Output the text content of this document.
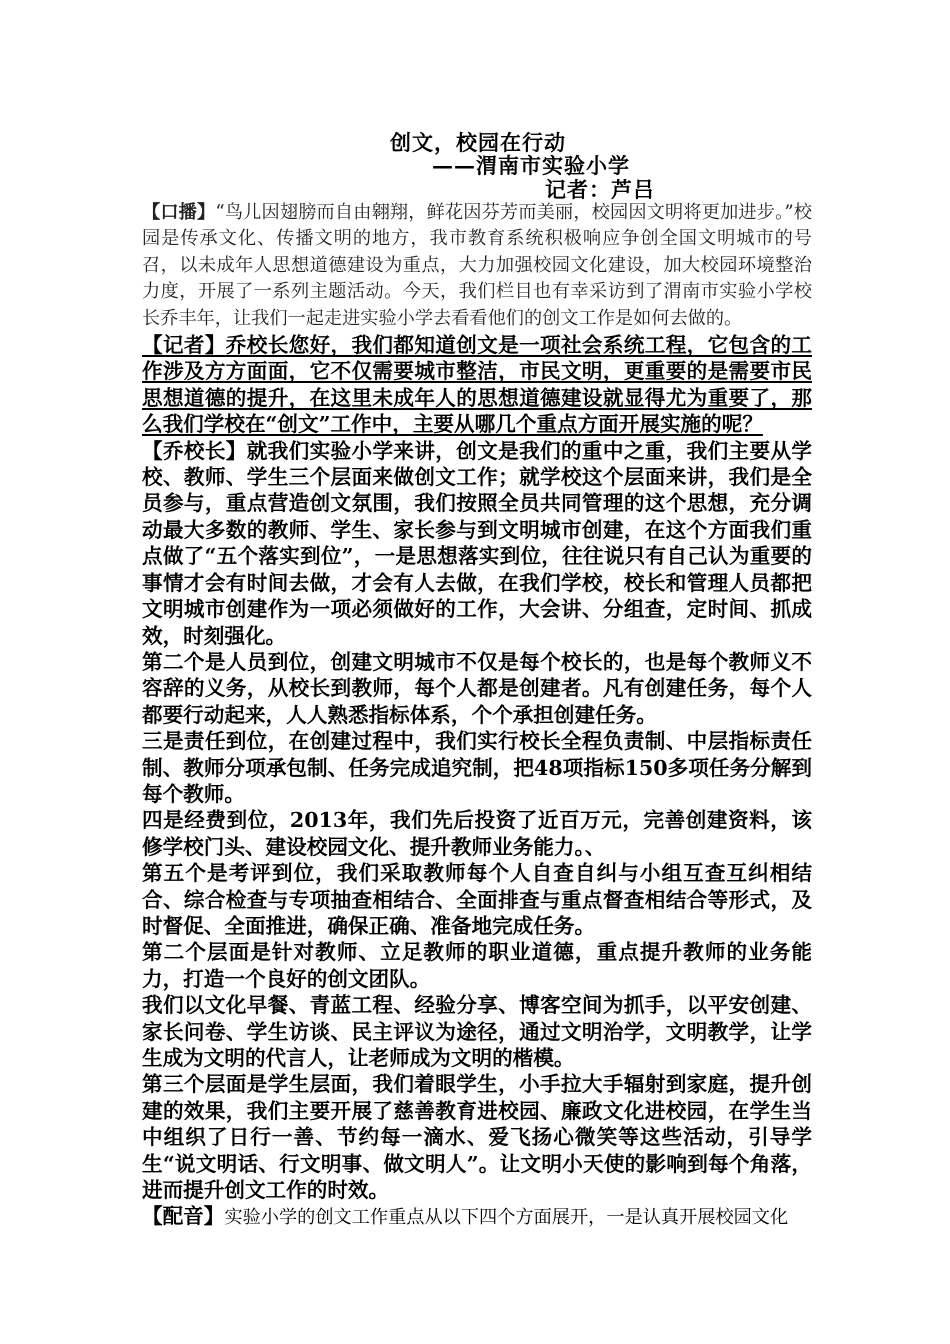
创文，校园在行动
——渭南市实验小学
记者：芦吕

【口播】“鸟儿因翅膀而自由翱翔，鲜花因芬芳而美丽，校园因文明将更加进步。”校园是传承文化、传播文明的地方，我市教育系统积极响应争创全国文明城市的号召，以未成年人思想道德建设为重点，大力加强校园文化建设，加大校园环境整治力度，开展了一系列主题活动。今天，我们栏目也有幸采访到了渭南市实验小学校长乔丰年，让我们一起走进实验小学去看看他们的创文工作是如何去做的。

【记者】乔校长您好，我们都知道创文是一项社会系统工程，它包含的工作涉及方方面面，它不仅需要城市整洁，市民文明，更重要的是需要市民思想道德的提升，在这里未成年人的思想道德建设就显得尤为重要了，那么我们学校在“创文”工作中，主要从哪几个重点方面开展实施的呢？

【乔校长】就我们实验小学来讲，创文是我们的重中之重，我们主要从学校、教师、学生三个层面来做创文工作；就学校这个层面来讲，我们是全员参与，重点营造创文氛围，我们按照全员共同管理的这个思想，充分调动最大多数的教师、学生、家长参与到文明城市创建，在这个方面我们重点做了“五个落实到位”，一是思想落实到位，往往说只有自己认为重要的事情才会有时间去做，才会有人去做，在我们学校，校长和管理人员都把文明城市创建作为一项必须做好的工作，大会讲、分组查，定时间、抓成效，时刻强化。

第二个是人员到位，创建文明城市不仅是每个校长的，也是每个教师义不容辞的义务，从校长到教师，每个人都是创建者。凡有创建任务，每个人都要行动起来，人人熟悉指标体系，个个承担创建任务。

三是责任到位，在创建过程中，我们实行校长全程负责制、中层指标责任制、教师分项承包制、任务完成追究制，把48项指标150多项任务分解到每个教师。

四是经费到位，2013年，我们先后投资了近百万元，完善创建资料，该修学校门头、建设校园文化、提升教师业务能力。、

第五个是考评到位，我们采取教师每个人自查自纠与小组互查互纠相结合、综合检查与专项抽查相结合、全面排查与重点督查相结合等形式，及时督促、全面推进，确保正确、准备地完成任务。

第二个层面是针对教师、立足教师的职业道德，重点提升教师的业务能力，打造一个良好的创文团队。

我们以文化早餐、青蓝工程、经验分享、博客空间为抓手，以平安创建、家长问卷、学生访谈、民主评议为途径，通过文明治学，文明教学，让学生成为文明的代言人，让老师成为文明的楷模。

第三个层面是学生层面，我们着眼学生，小手拉大手辐射到家庭，提升创建的效果，我们主要开展了慈善教育进校园、廉政文化进校园，在学生当中组织了日行一善、节约每一滴水、爱飞扬心微笑等这些活动，引导学生“说文明话、行文明事、做文明人”。让文明小天使的影响到每个角落，进而提升创文工作的时效。

【配音】实验小学的创文工作重点从以下四个方面展开，一是认真开展校园文化
